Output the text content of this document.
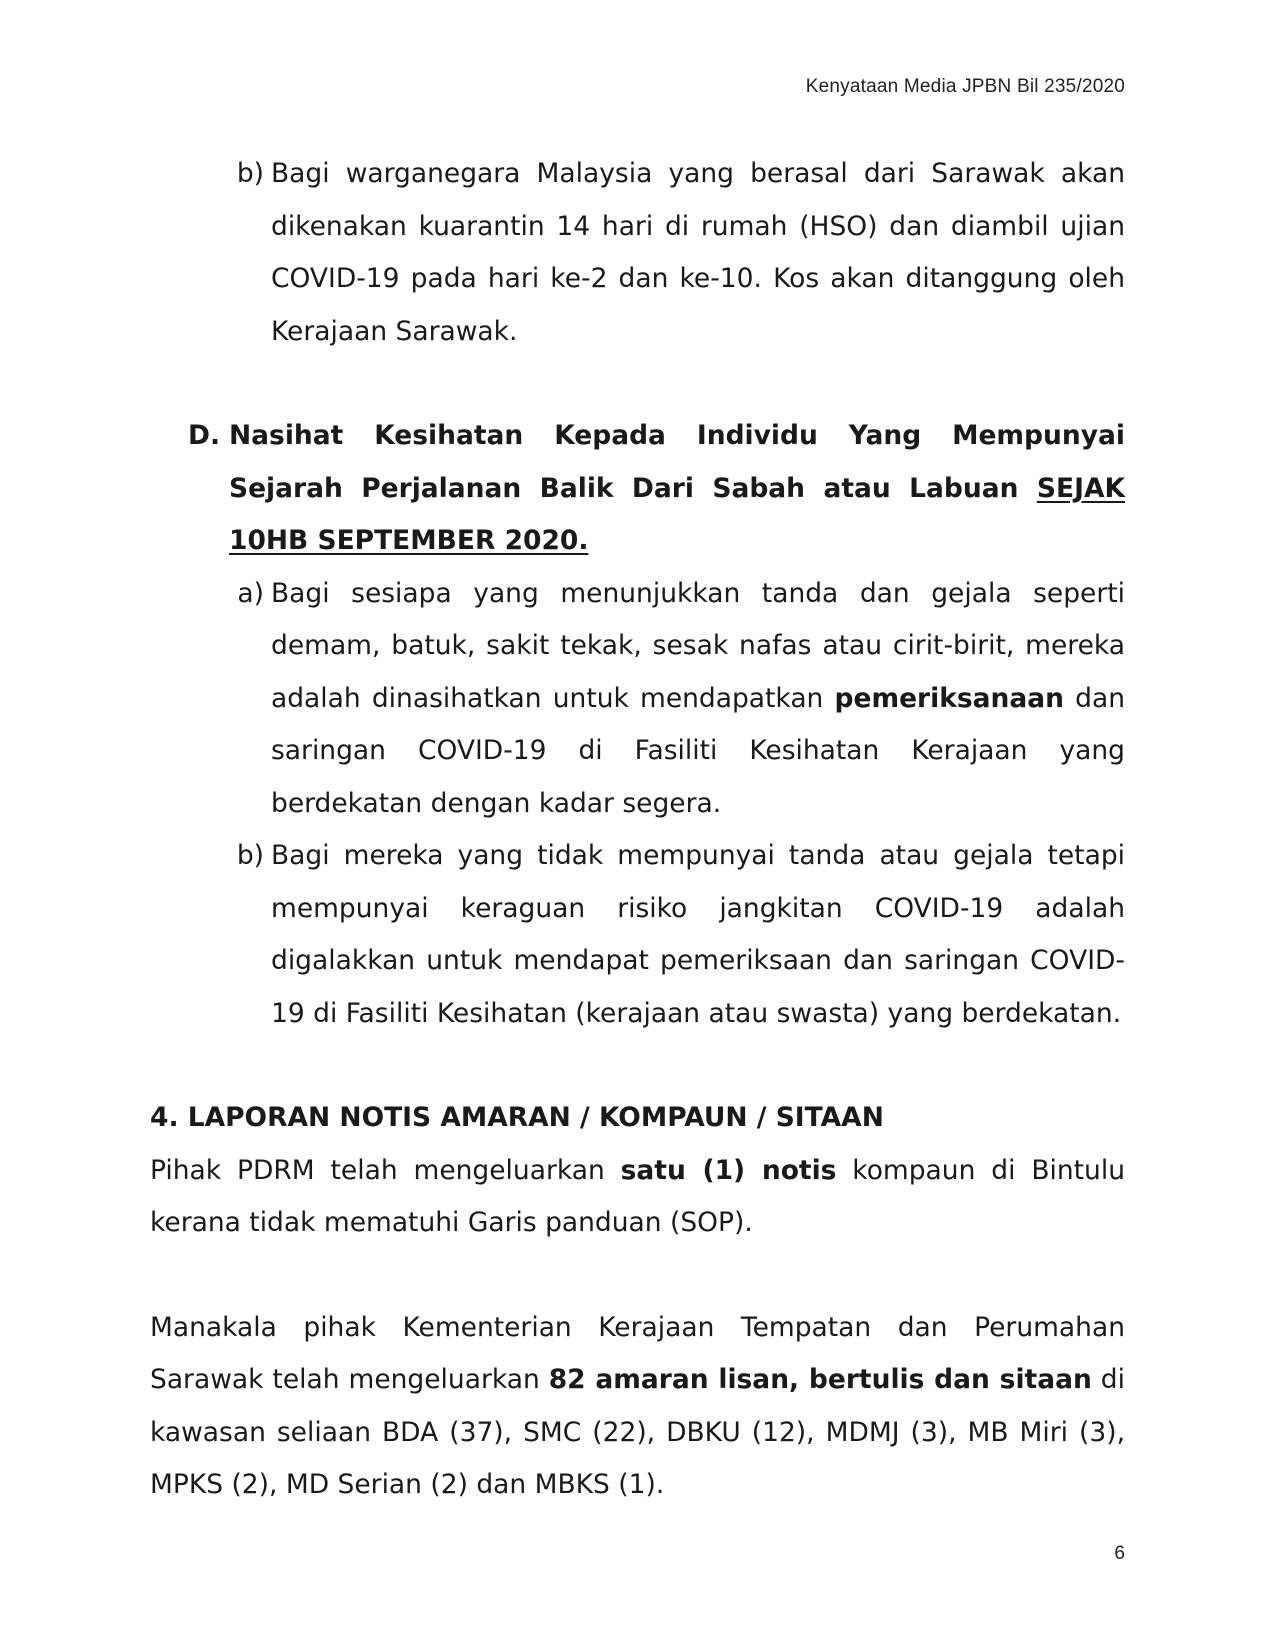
Kenyataan Media JPBN Bil 235/2020
b) Bagi warganegara Malaysia yang berasal dari Sarawak akan dikenakan kuarantin 14 hari di rumah (HSO) dan diambil ujian COVID-19 pada hari ke-2 dan ke-10. Kos akan ditanggung oleh Kerajaan Sarawak.
D. Nasihat Kesihatan Kepada Individu Yang Mempunyai Sejarah Perjalanan Balik Dari Sabah atau Labuan SEJAK 10HB SEPTEMBER 2020.
a) Bagi sesiapa yang menunjukkan tanda dan gejala seperti demam, batuk, sakit tekak, sesak nafas atau cirit-birit, mereka adalah dinasihatkan untuk mendapatkan pemeriksanaan dan saringan COVID-19 di Fasiliti Kesihatan Kerajaan yang berdekatan dengan kadar segera.
b) Bagi mereka yang tidak mempunyai tanda atau gejala tetapi mempunyai keraguan risiko jangkitan COVID-19 adalah digalakkan untuk mendapat pemeriksaan dan saringan COVID-19 di Fasiliti Kesihatan (kerajaan atau swasta) yang berdekatan.
4. LAPORAN NOTIS AMARAN / KOMPAUN / SITAAN
Pihak PDRM telah mengeluarkan satu (1) notis kompaun di Bintulu kerana tidak mematuhi Garis panduan (SOP).
Manakala pihak Kementerian Kerajaan Tempatan dan Perumahan Sarawak telah mengeluarkan 82 amaran lisan, bertulis dan sitaan di kawasan seliaan BDA (37), SMC (22), DBKU (12), MDMJ (3), MB Miri (3), MPKS (2), MD Serian (2) dan MBKS (1).
6
